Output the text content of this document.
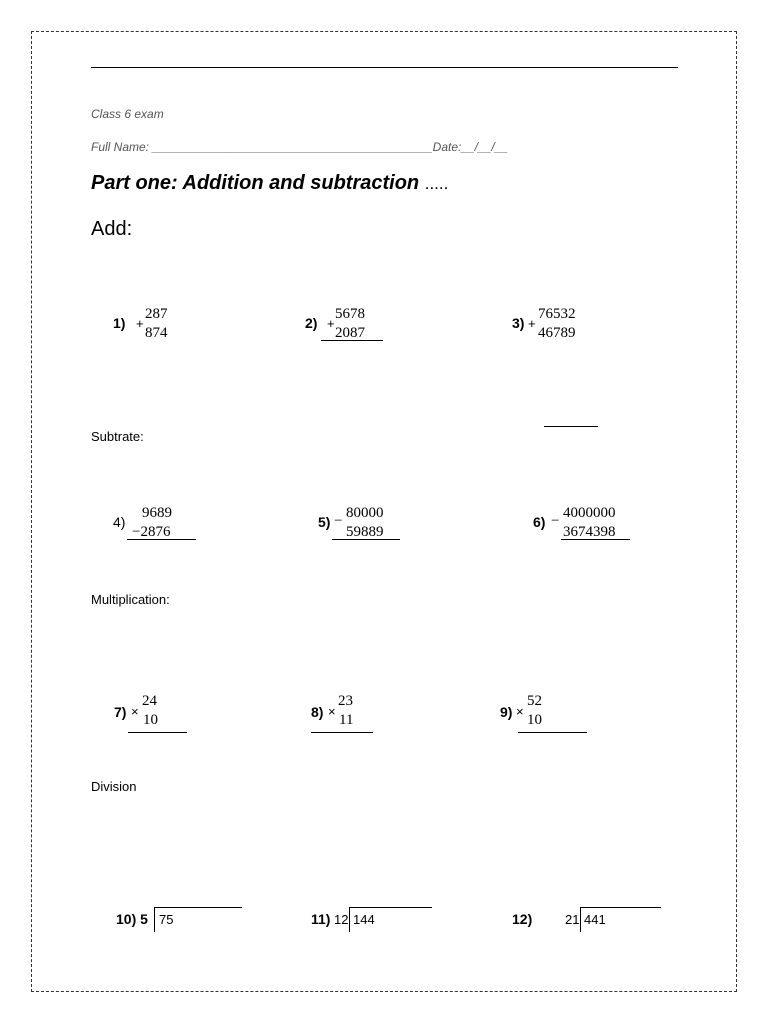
Class 6 exam
Full Name: __________________________________________Date:__/__/__
Part one: Addition and subtraction .....
Add:
1) +
287
874
2) +
5678
2087
3) +
76532
46789
Subtrate:
4)
9689
−2876
5) − 80000
59889
6) − 4000000
3674398
Multiplication:
7) ×
24
10	8) ×
23
11	9) ×
52
10
Division
10) 5 75	11) 12 144	12)	21 441
